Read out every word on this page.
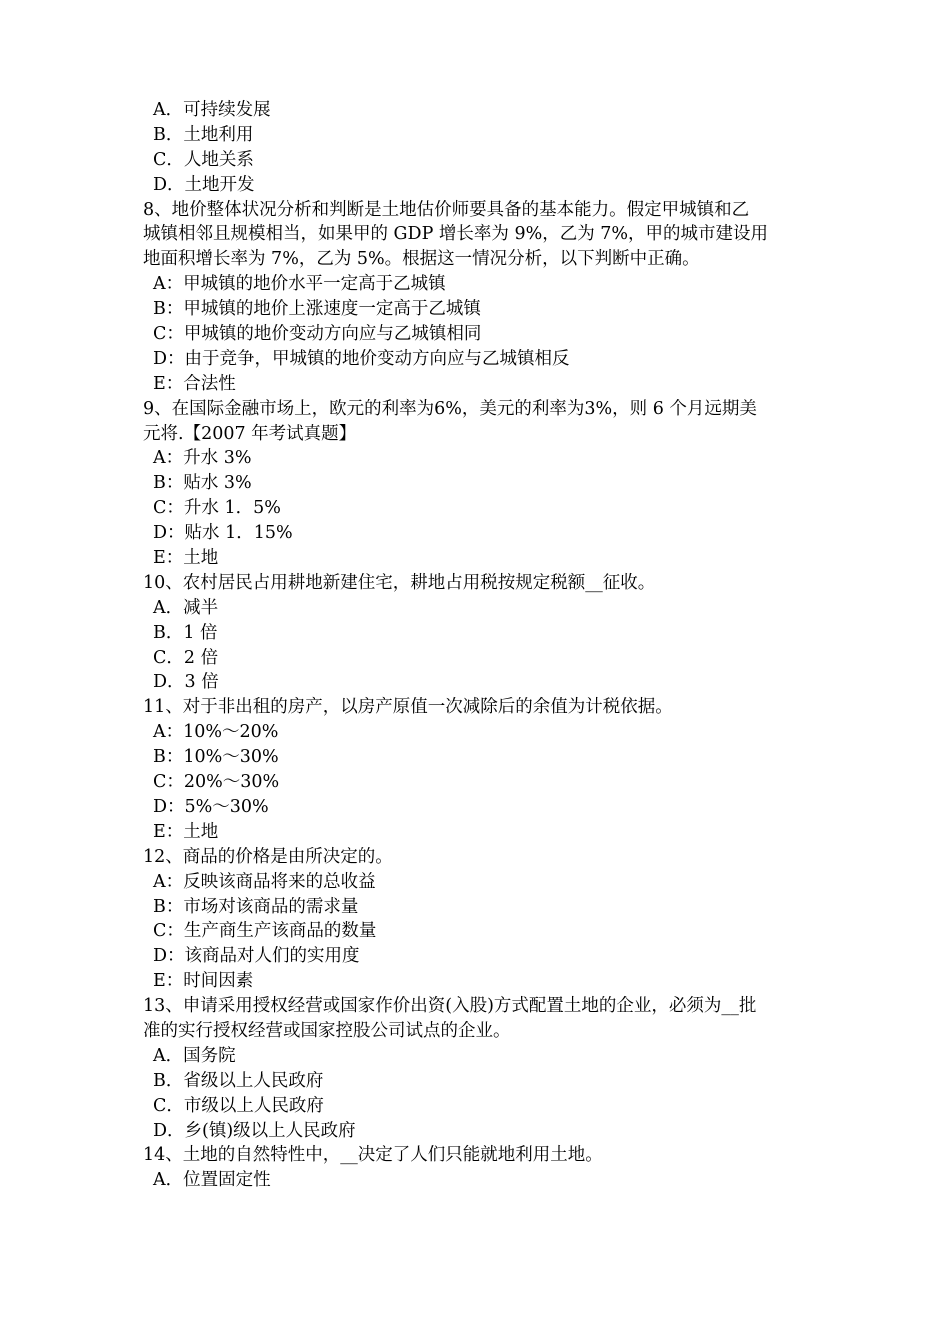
A．可持续发展
B．土地利用
C．人地关系
D．土地开发
8、地价整体状况分析和判断是土地估价师要具备的基本能力。假定甲城镇和乙
城镇相邻且规模相当，如果甲的 GDP 增长率为 9%，乙为 7%，甲的城市建设用
地面积增长率为 7%，乙为 5%。根据这一情况分析，以下判断中正确。
A：甲城镇的地价水平一定高于乙城镇
B：甲城镇的地价上涨速度一定高于乙城镇
C：甲城镇的地价变动方向应与乙城镇相同
D：由于竞争，甲城镇的地价变动方向应与乙城镇相反
E：合法性
9、在国际金融市场上，欧元的利率为6%，美元的利率为3%，则 6 个月远期美
元将.【2007 年考试真题】
A：升水 3%
B：贴水 3%
C：升水 1．5%
D：贴水 1．15%
E：土地
10、农村居民占用耕地新建住宅，耕地占用税按规定税额__征收。
A．减半
B．1 倍
C．2 倍
D．3 倍
11、对于非出租的房产，以房产原值一次减除后的余值为计税依据。
A：10%～20%
B：10%～30%
C：20%～30%
D：5%～30%
E：土地
12、商品的价格是由所决定的。
A：反映该商品将来的总收益
B：市场对该商品的需求量
C：生产商生产该商品的数量
D：该商品对人们的实用度
E：时间因素
13、申请采用授权经营或国家作价出资(入股)方式配置土地的企业，必须为__批
准的实行授权经营或国家控股公司试点的企业。
A．国务院
B．省级以上人民政府
C．市级以上人民政府
D．乡(镇)级以上人民政府
14、土地的自然特性中，__决定了人们只能就地利用土地。
A．位置固定性
